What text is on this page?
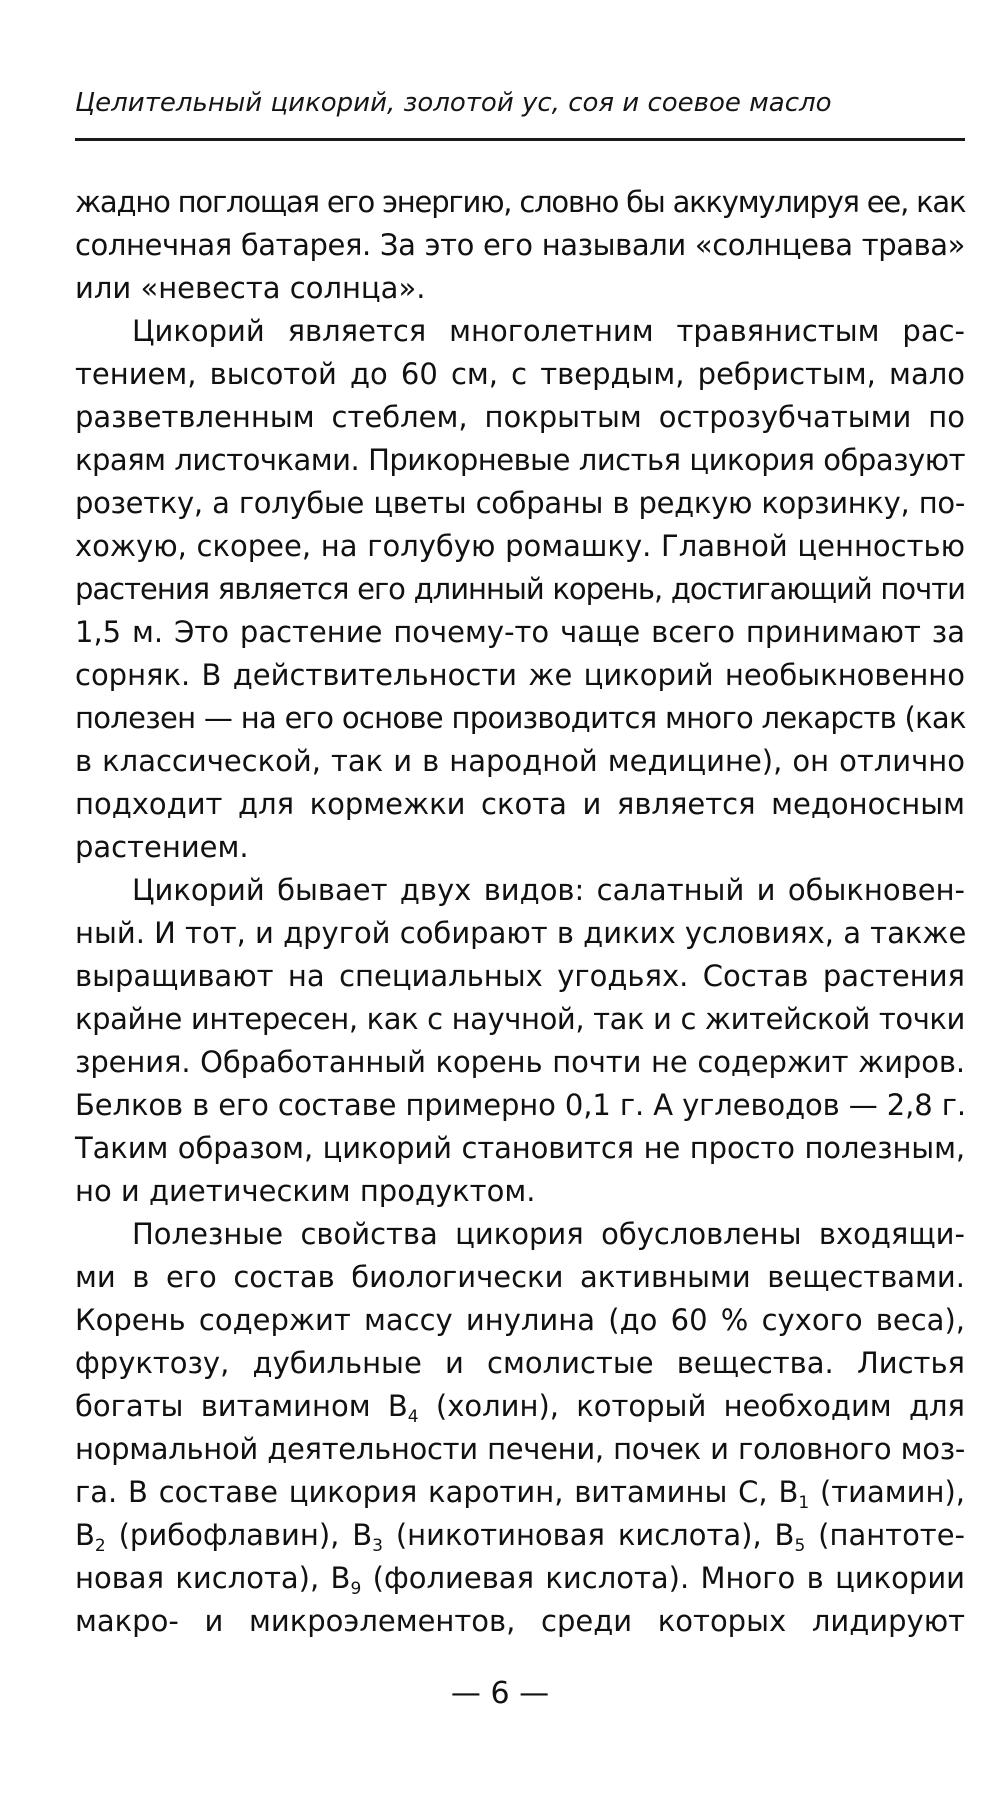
Целительный цикорий, золотой ус, соя и соевое масло

жадно поглощая его энергию, словно бы аккумулируя ее, как
солнечная батарея. За это его называли «солнцева трава»
или «невеста солнца».

Цикорий является многолетним травянистым рас-
тением, высотой до 60 см, с твердым, ребристым, мало
разветвленным стеблем, покрытым острозубчатыми по
краям листочками. Прикорневые листья цикория образуют
розетку, а голубые цветы собраны в редкую корзинку, по-
хожую, скорее, на голубую ромашку. Главной ценностью
растения является его длинный корень, достигающий почти
1,5 м. Это растение почему-то чаще всего принимают за
сорняк. В действительности же цикорий необыкновенно
полезен — на его основе производится много лекарств (как
в классической, так и в народной медицине), он отлично
подходит для кормежки скота и является медоносным
растением.

Цикорий бывает двух видов: салатный и обыкновен-
ный. И тот, и другой собирают в диких условиях, а также
выращивают на специальных угодьях. Состав растения
крайне интересен, как с научной, так и с житейской точки
зрения. Обработанный корень почти не содержит жиров.
Белков в его составе примерно 0,1 г. А углеводов — 2,8 г.
Таким образом, цикорий становится не просто полезным,
но и диетическим продуктом.

Полезные свойства цикория обусловлены входящи-
ми в его состав биологически активными веществами.
Корень содержит массу инулина (до 60 % сухого веса),
фруктозу, дубильные и смолистые вещества. Листья
богаты витамином $В_4$ (холин), который необходим для
нормальной деятельности печени, почек и головного моз-
га. В составе цикория каротин, витамины С, $В_1$ (тиамин),
$В_2$ (рибофлавин), $В_3$ (никотиновая кислота), $В_5$ (пантоте-
новая кислота), $В_9$ (фолиевая кислота). Много в цикории
макро- и микроэлементов, среди которых лидируют

— 6 —
